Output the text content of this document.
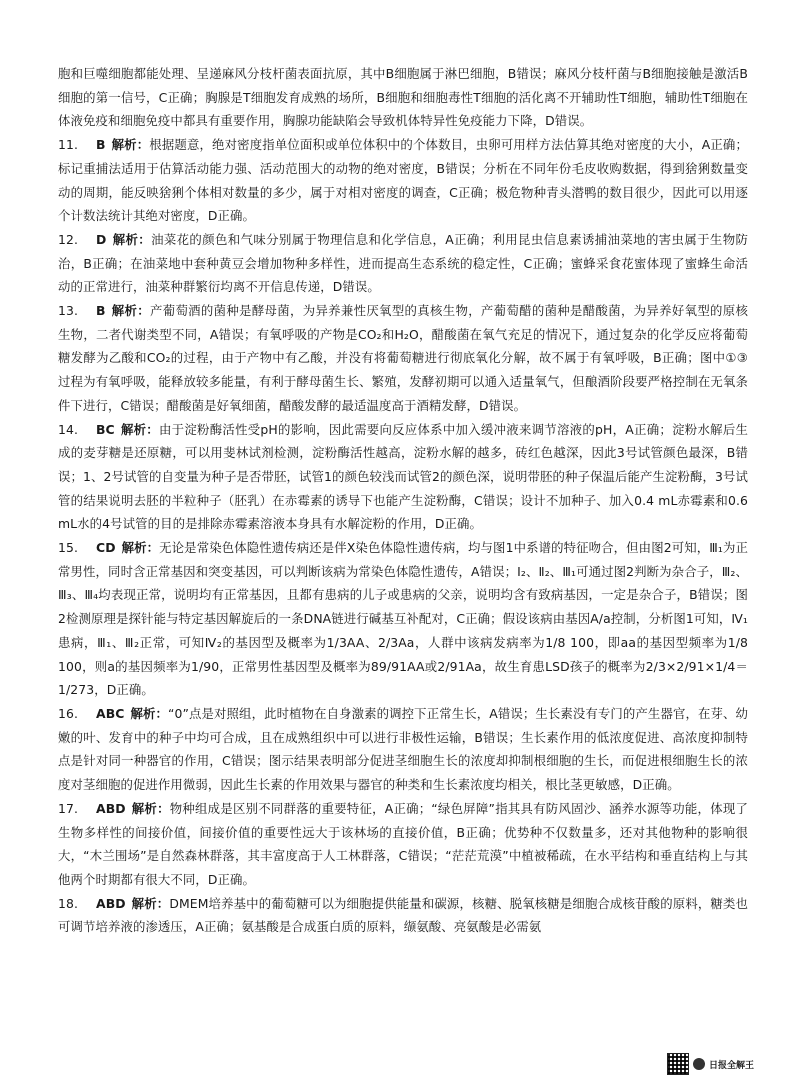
胞和巨噬细胞都能处理、呈递麻风分枝杆菌表面抗原，其中B细胞属于淋巴细胞，B错误；麻风分枝杆菌与B细胞接触是激活B细胞的第一信号，C正确；胸腺是T细胞发育成熟的场所，B细胞和细胞毒性T细胞的活化离不开辅助性T细胞，辅助性T细胞在体液免疫和细胞免疫中都具有重要作用，胸腺功能缺陷会导致机体特异性免疫能力下降，D错误。

11. B 解析：根据题意，绝对密度指单位面积或单位体积中的个体数目，虫卵可用样方法估算其绝对密度的大小，A正确；标记重捕法适用于估算活动能力强、活动范围大的动物的绝对密度，B错误；分析在不同年份毛皮收购数据，得到猞猁数量变动的周期，能反映猞猁个体相对数量的多少，属于对相对密度的调查，C正确；极危物种青头潜鸭的数目很少，因此可以用逐个计数法统计其绝对密度，D正确。

12. D 解析：油菜花的颜色和气味分别属于物理信息和化学信息，A正确；利用昆虫信息素诱捕油菜地的害虫属于生物防治，B正确；在油菜地中套种黄豆会增加物种多样性，进而提高生态系统的稳定性，C正确；蜜蜂采食花蜜体现了蜜蜂生命活动的正常进行，油菜种群繁衍均离不开信息传递，D错误。

13. B 解析：产葡萄酒的菌种是酵母菌，为异养兼性厌氧型的真核生物，产葡萄醋的菌种是醋酸菌，为异养好氧型的原核生物，二者代谢类型不同，A错误；有氧呼吸的产物是CO₂和H₂O，醋酸菌在氧气充足的情况下，通过复杂的化学反应将葡萄糖发酵为乙酸和CO₂的过程，由于产物中有乙酸，并没有将葡萄糖进行彻底氧化分解，故不属于有氧呼吸，B正确；图中①③过程为有氧呼吸，能释放较多能量，有利于酵母菌生长、繁殖，发酵初期可以通入适量氧气，但酿酒阶段要严格控制在无氧条件下进行，C错误；醋酸菌是好氧细菌，醋酸发酵的最适温度高于酒精发酵，D错误。

14. BC 解析：由于淀粉酶活性受pH的影响，因此需要向反应体系中加入缓冲液来调节溶液的pH，A正确；淀粉水解后生成的麦芽糖是还原糖，可以用斐林试剂检测，淀粉酶活性越高，淀粉水解的越多，砖红色越深，因此3号试管颜色最深，B错误；1、2号试管的自变量为种子是否带胚，试管1的颜色较浅而试管2的颜色深，说明带胚的种子保温后能产生淀粉酶，3号试管的结果说明去胚的半粒种子（胚乳）在赤霉素的诱导下也能产生淀粉酶，C错误；设计不加种子、加入0.4 mL赤霉素和0.6 mL水的4号试管的目的是排除赤霉素溶液本身具有水解淀粉的作用，D正确。

15. CD 解析：无论是常染色体隐性遗传病还是伴X染色体隐性遗传病，均与图1中系谱的特征吻合，但由图2可知，Ⅲ₁为正常男性，同时含正常基因和突变基因，可以判断该病为常染色体隐性遗传，A错误；Ⅰ₂、Ⅱ₂、Ⅲ₁可通过图2判断为杂合子，Ⅲ₂、Ⅲ₃、Ⅲ₄均表现正常，说明均有正常基因，且都有患病的儿子或患病的父亲，说明均含有致病基因，一定是杂合子，B错误；图2检测原理是探针能与特定基因解旋后的一条DNA链进行碱基互补配对，C正确；假设该病由基因A/a控制，分析图1可知，Ⅳ₁患病，Ⅲ₁、Ⅲ₂正常，可知Ⅳ₂的基因型及概率为1/3AA、2/3Aa，人群中该病发病率为1/8 100，即aa的基因型频率为1/8 100，则a的基因频率为1/90，正常男性基因型及概率为89/91AA或2/91Aa，故生育患LSD孩子的概率为2/3×2/91×1/4＝1/273，D正确。

16. ABC 解析：“0”点是对照组，此时植物在自身激素的调控下正常生长，A错误；生长素没有专门的产生器官，在芽、幼嫩的叶、发育中的种子中均可合成，且在成熟组织中可以进行非极性运输，B错误；生长素作用的低浓度促进、高浓度抑制特点是针对同一种器官的作用，C错误；图示结果表明部分促进茎细胞生长的浓度却抑制根细胞的生长，而促进根细胞生长的浓度对茎细胞的促进作用微弱，因此生长素的作用效果与器官的种类和生长素浓度均相关，根比茎更敏感，D正确。

17. ABD 解析：物种组成是区别不同群落的重要特征，A正确；“绿色屏障”指其具有防风固沙、涵养水源等功能，体现了生物多样性的间接价值，间接价值的重要性远大于该林场的直接价值，B正确；优势种不仅数量多，还对其他物种的影响很大，“木兰围场”是自然森林群落，其丰富度高于人工林群落，C错误；“茫茫荒漠”中植被稀疏，在水平结构和垂直结构上与其他两个时期都有很大不同，D正确。

18. ABD 解析：DMEM培养基中的葡萄糖可以为细胞提供能量和碳源，核糖、脱氧核糖是细胞合成核苷酸的原料，糖类也可调节培养液的渗透压，A正确；氨基酸是合成蛋白质的原料，缬氨酸、亮氨酸是必需氨

日报全解王
